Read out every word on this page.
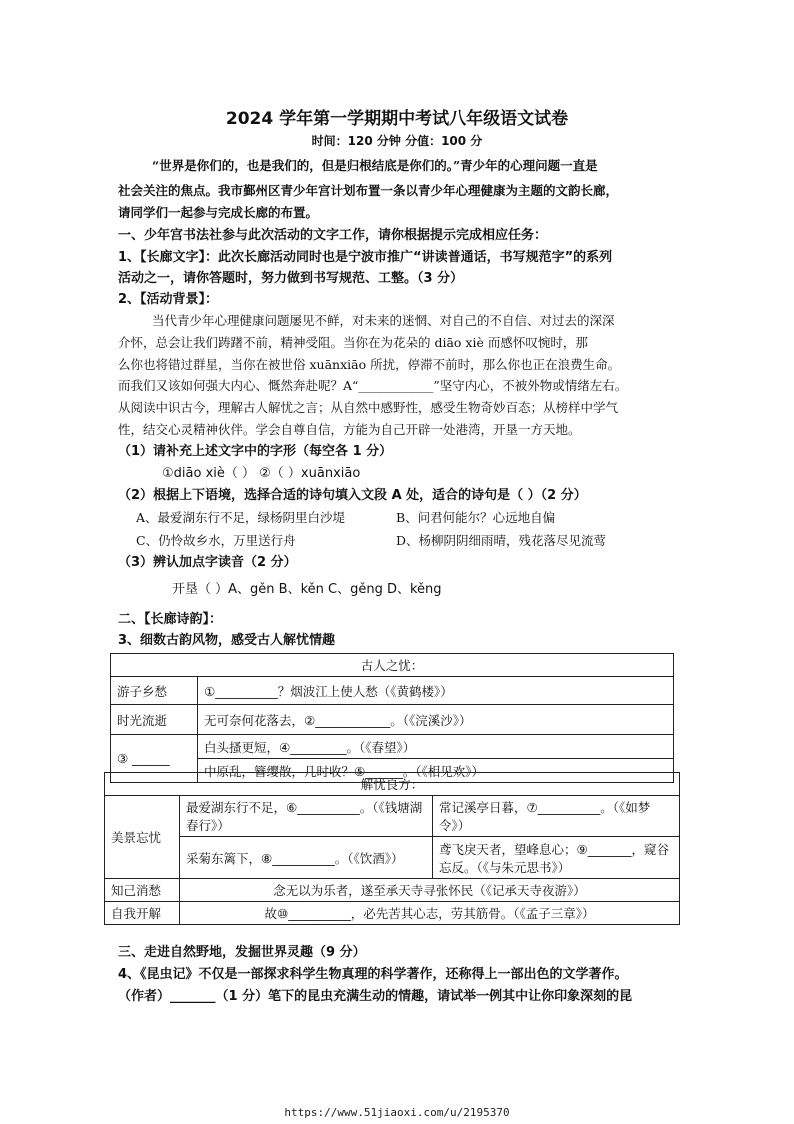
2024 学年第一学期期中考试八年级语文试卷
时间：120 分钟 分值：100 分
“世界是你们的，也是我们的，但是归根结底是你们的。”青少年的心理问题一直是
社会关注的焦点。我市鄞州区青少年宫计划布置一条以青少年心理健康为主题的文韵长廊，
请同学们一起参与完成长廊的布置。
一、少年宫书法社参与此次活动的文字工作，请你根据提示完成相应任务：
1、【长廊文字】：此次长廊活动同时也是宁波市推广“讲读普通话，书写规范字”的系列
活动之一，请你答题时，努力做到书写规范、工整。（3 分）
2、【活动背景】：
当代青少年心理健康问题屡见不鲜，对未来的迷惘、对自己的不自信、对过去的深深
介怀，总会让我们踌躇不前，精神受阻。当你在为花朵的 diāo xiè 而感怀叹惋时，那
么你也将错过群星，当你在被世俗 xuānxiāo 所扰，停滞不前时，那么你也正在浪费生命。
而我们又该如何强大内心、慨然奔赴呢？A“____________”坚守内心，不被外物或情绪左右。
从阅读中识古今，理解古人解忧之言；从自然中感野性，感受生物奇妙百态；从榜样中学气
性，结交心灵精神伙伴。学会自尊自信，方能为自己开辟一处港湾，开垦一方天地。
（1）请补充上述文字中的字形（每空各 1 分）
①diāo xiè（ ） ②（ ）xuānxiāo
（2）根据上下语境，选择合适的诗句填入文段 A 处，适合的诗句是（ ）（2 分）
A、最爱湖东行不足，绿杨阴里白沙堤	B、问君何能尔？心远地自偏
C、仍怜故乡水，万里送行舟	D、杨柳阴阴细雨晴，残花落尽见流莺
（3）辨认加点字读音（2 分）
开垦（ ）A、gěn B、kěn C、gěng D、kěng
二、【长廊诗韵】：
3、细数古韵风物，感受古人解忧情趣
古人之忧：	
游子乡愁	①__________？烟波江上使人愁（《黄鹤楼》）
时光流逝	无可奈何花落去，②____________。（《浣溪沙》）
③ ______	白头搔更短，④_________。（《春望》）
	中原乱，簪缨散，几时收？⑤______。（《相见欢》）
解忧良方：		
美景忘忧	最爱湖东行不足，⑥__________。（《钱塘湖春行》）	常记溪亭日暮，⑦__________。（《如梦令》）
	采菊东篱下，⑧__________。（《饮酒》）	鸢飞戾天者，望峰息心；⑨_______，窥谷忘反。（《与朱元思书》）
知己消愁	念无以为乐者，遂至承天寺寻张怀民（《记承天寺夜游》）	
自我开解	故⑩__________，必先苦其心志，劳其筋骨。（《孟子三章》）	
三、走进自然野地，发掘世界灵趣（9 分）
4、《昆虫记》不仅是一部探求科学生物真理的科学著作，还称得上一部出色的文学著作。
（作者）_______（1 分）笔下的昆虫充满生动的情趣，请试举一例其中让你印象深刻的昆
https://www.51jiaoxi.com/u/2195370
